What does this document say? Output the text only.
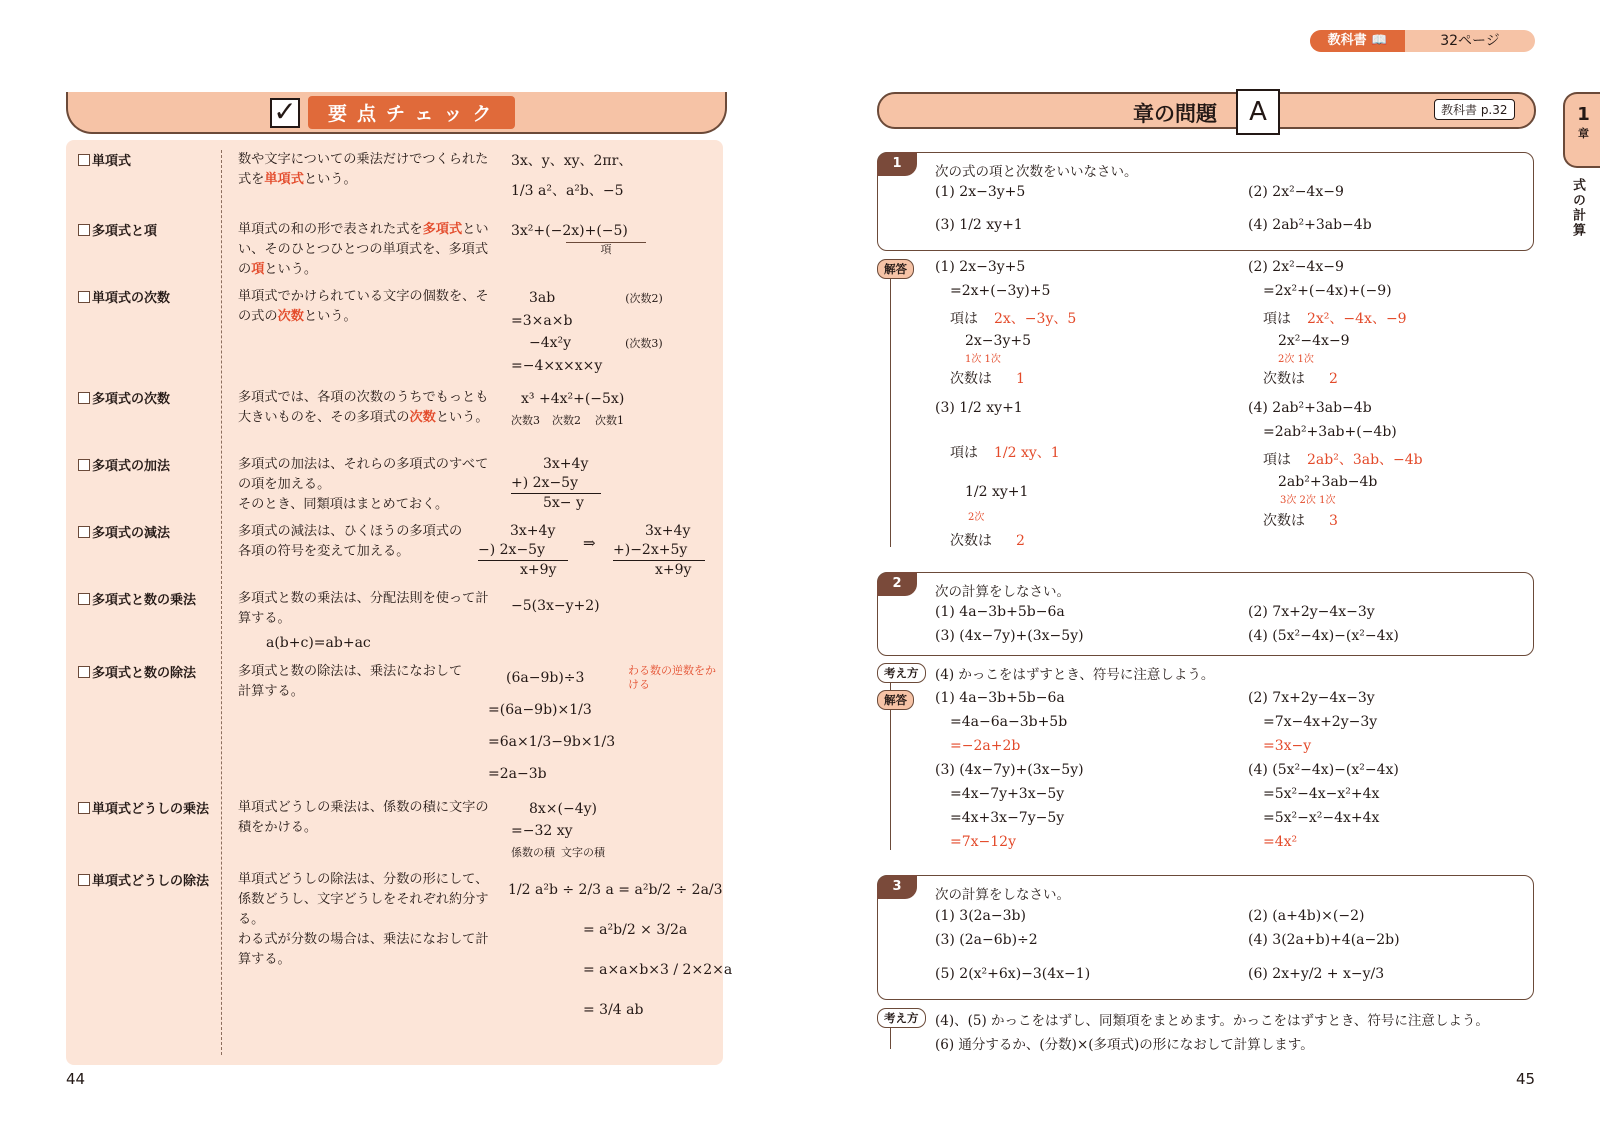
✓	要点チェック
単項式	数や文字についての乗法だけでつくられた式を単項式という。
3x、y、xy、2πr、
1/3 a²、a²b、−5
多項式と項	単項式の和の形で表された式を多項式といい、そのひとつひとつの単項式を、多項式の項という。
3x²+(−2x)+(−5)
項
単項式の次数	単項式でかけられている文字の個数を、その式の次数という。
3ab	(次数2)
=3×a×b
−4x²y	(次数3)
=−4×x×x×y
多項式の次数	多項式では、各項の次数のうちでもっとも大きいものを、その多項式の次数という。
x³ +4x²+(−5x)
次数3 次数2 次数1
多項式の加法	多項式の加法は、それらの多項式のすべての項を加える。
そのとき、同類項はまとめておく。
3x+4y
+) 2x−5y
5x− y
多項式の減法	多項式の減法は、ひくほうの多項式の各項の符号を変えて加える。
3x+4y
−) 2x−5y
x+9y
⇒
3x+4y
+)−2x+5y
x+9y
多項式と数の乗法	多項式と数の乗法は、分配法則を使って計算する。
a(b+c)=ab+ac
−5(3x−y+2)
多項式と数の除法	多項式と数の除法は、乗法になおして計算する。
(6a−9b)÷3
=(6a−9b)×1/3
=6a×1/3−9b×1/3
=2a−3b
わる数の逆数をかける
単項式どうしの乗法 単項式どうしの乗法は、係数の積に文字の積をかける。
8x×(−4y)
=−32 xy
係数の積 文字の積
単項式どうしの除法 単項式どうしの除法は、分数の形にして、係数どうし、文字どうしをそれぞれ約分する。
わる式が分数の場合は、乗法になおして計算する。
1/2 a²b ÷ 2/3 a = a²b/2 ÷ 2a/3
= a²b/2 × 3/2a
= a×a×b×3 / 2×2×a
= 3/4 ab
44
教科書 📖	32ページ
章の問題	A	教科書 p.32	1
章
式の計算
1
次の式の項と次数をいいなさい。
(1) 2x−3y+5	(2) 2x²−4x−9
(3) 1/2 xy+1	(4) 2ab²+3ab−4b
解答	(1) 2x−3y+5
=2x+(−3y)+5
項は 2x、−3y、5
2x−3y+5
1次 1次
次数は 1
(2) 2x²−4x−9
=2x²+(−4x)+(−9)
項は 2x²、−4x、−9
2x²−4x−9
2次 1次
次数は 2
(3) 1/2 xy+1
項は 1/2 xy、1
1/2 xy+1
2次
次数は 2
(4) 2ab²+3ab−4b
=2ab²+3ab+(−4b)
項は 2ab²、3ab、−4b
2ab²+3ab−4b
3次 2次 1次
次数は 3
2
次の計算をしなさい。
(1) 4a−3b+5b−6a	(2) 7x+2y−4x−3y
(3) (4x−7y)+(3x−5y)	(4) (5x²−4x)−(x²−4x)
考え方	(4) かっこをはずすとき、符号に注意しよう。
解答	(1) 4a−3b+5b−6a
=4a−6a−3b+5b
=−2a+2b
(2) 7x+2y−4x−3y
=7x−4x+2y−3y
=3x−y
(3) (4x−7y)+(3x−5y)
=4x−7y+3x−5y
=4x+3x−7y−5y
=7x−12y
(4) (5x²−4x)−(x²−4x)
=5x²−4x−x²+4x
=5x²−x²−4x+4x
=4x²
3
次の計算をしなさい。
(1) 3(2a−3b)	(2) (a+4b)×(−2)
(3) (2a−6b)÷2	(4) 3(2a+b)+4(a−2b)
(5) 2(x²+6x)−3(4x−1)	(6) 2x+y/2 + x−y/3
考え方	(4)、(5) かっこをはずし、同類項をまとめます。かっこをはずすとき、符号に注意しよう。
(6) 通分するか、(分数)×(多項式)の形になおして計算します。
45
